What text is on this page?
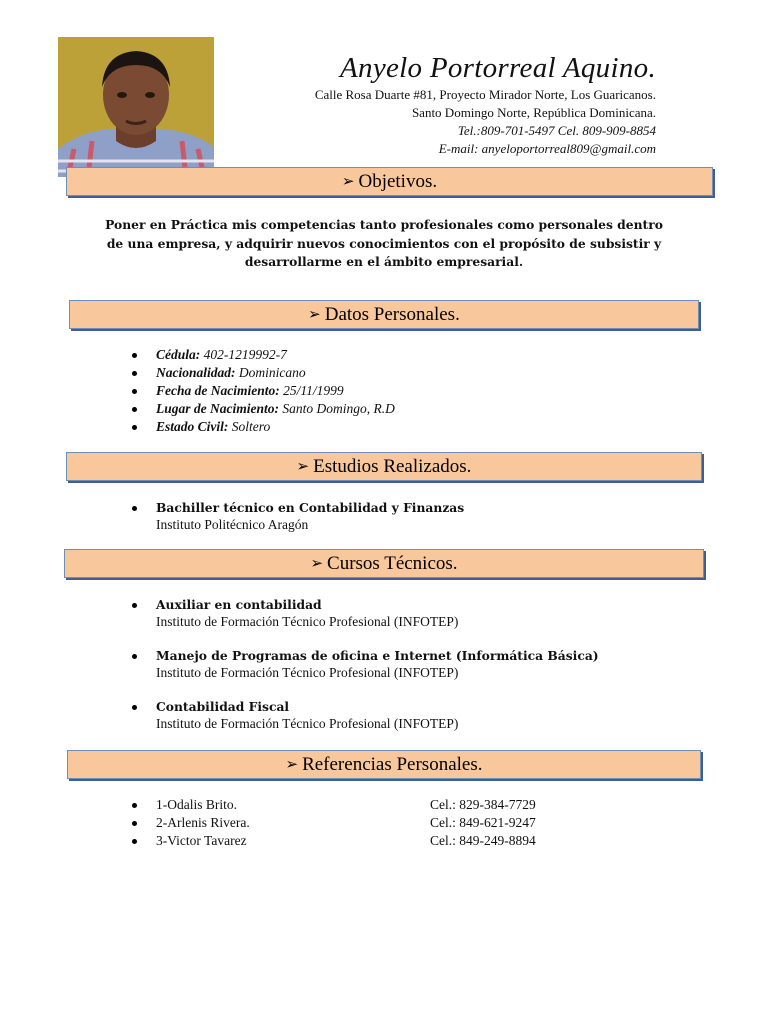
Anyelo Portorreal Aquino.
Calle Rosa Duarte #81, Proyecto Mirador Norte, Los Guaricanos.
Santo Domingo Norte, República Dominicana.
Tel.:809-701-5497 Cel. 809-909-8854
E-mail: anyeloportorreal809@gmail.com
➢ Objetivos.
Poner en Práctica mis competencias tanto profesionales como personales dentro
de una empresa, y adquirir nuevos conocimientos con el propósito de subsistir y
desarrollarme en el ámbito empresarial.
➢ Datos Personales.
Cédula: 402-1219992-7
Nacionalidad: Dominicano
Fecha de Nacimiento: 25/11/1999
Lugar de Nacimiento: Santo Domingo, R.D
Estado Civil: Soltero
➢ Estudios Realizados.
Bachiller técnico en Contabilidad y Finanzas
Instituto Politécnico Aragón
➢ Cursos Técnicos.
Auxiliar en contabilidad
Instituto de Formación Técnico Profesional (INFOTEP)
Manejo de Programas de oficina e Internet (Informática Básica)
Instituto de Formación Técnico Profesional (INFOTEP)
Contabilidad Fiscal
Instituto de Formación Técnico Profesional (INFOTEP)
➢ Referencias Personales.
1-Odalis Brito.	Cel.: 829-384-7729
2-Arlenis Rivera.	Cel.: 849-621-9247
3-Victor Tavarez	Cel.: 849-249-8894
